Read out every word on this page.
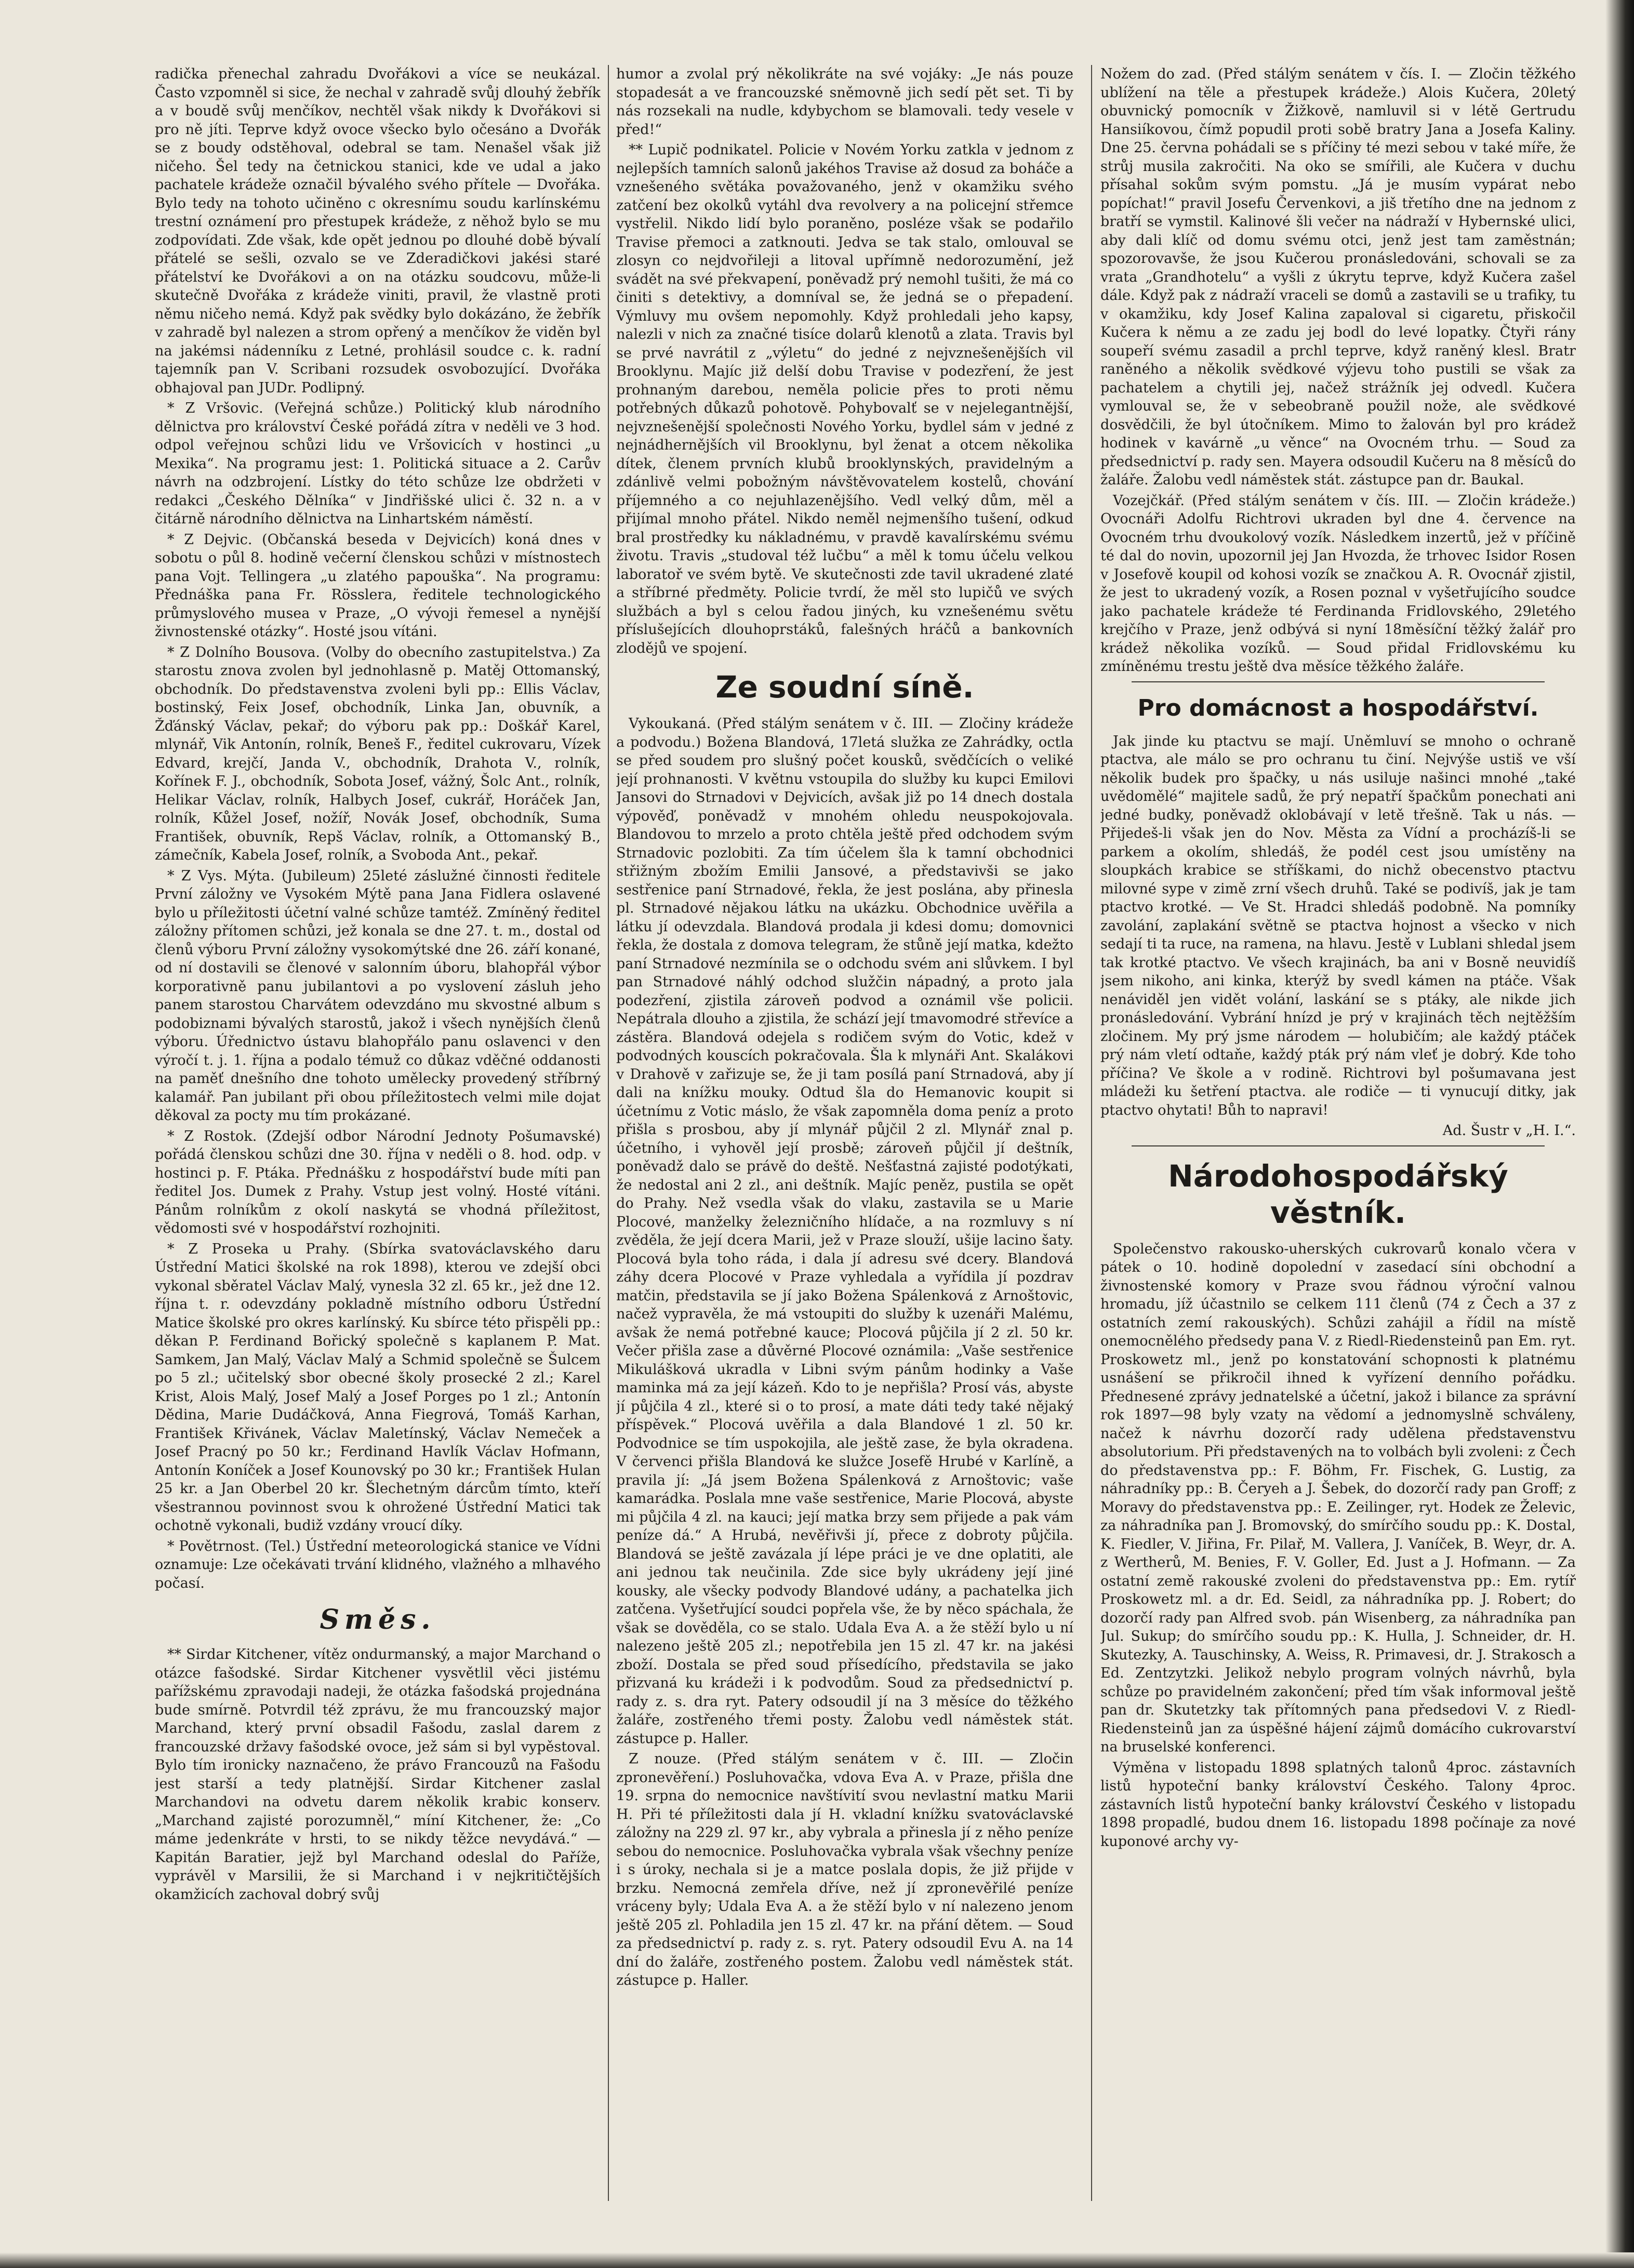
radička přenechal zahradu Dvořákovi a více se neukázal. Často vzpomněl si sice, že nechal v zahradě svůj dlouhý žebřík a v boudě svůj menčíkov, nechtěl však nikdy k Dvořákovi si pro ně jíti. Teprve když ovoce všecko bylo očesáno a Dvořák se z boudy odstěhoval, odebral se tam. Nenašel však již ničeho. Šel tedy na četnickou stanici, kde ve udal a jako pachatele krádeže označil bývalého svého přítele — Dvořáka. Bylo tedy na tohoto učiněno c okresnímu soudu karlínskému trestní oznámení pro přestupek krádeže, z něhož bylo se mu zodpovídati. Zde však, kde opět jednou po dlouhé době bývalí přátelé se sešli, ozvalo se ve Zderadičkovi jakési staré přátelství ke Dvořákovi a on na otázku soudcovu, může-li skutečně Dvořáka z krádeže viniti, pravil, že vlastně proti němu ničeho nemá. Když pak svědky bylo dokázáno, že žebřík v zahradě byl nalezen a strom opřený a menčíkov že viděn byl na jakémsi nádenníku z Letné, prohlásil soudce c. k. radní tajemník pan V. Scribani rozsudek osvobozující. Dvořáka obhajoval pan JUDr. Podlipný.

* Z Vršovic. (Veřejná schůze.) Politický klub národního dělnictva pro království České pořádá zítra v neděli ve 3 hod. odpol veřejnou schůzi lidu ve Vršovicích v hostinci „u Mexika“. Na programu jest: 1. Politická situace a 2. Carův návrh na odzbrojení. Lístky do této schůze lze obdržeti v redakci „Českého Dělníka“ v Jindřišské ulici č. 32 n. a v čitárně národního dělnictva na Linhartském náměstí.

* Z Dejvic. (Občanská beseda v Dejvicích) koná dnes v sobotu o půl 8. hodině večerní členskou schůzi v místnostech pana Vojt. Tellingera „u zlatého papouška“. Na programu: Přednáška pana Fr. Rösslera, ředitele technologického průmyslového musea v Praze, „O vývoji řemesel a nynější živnostenské otázky“. Hosté jsou vítáni.

* Z Dolního Bousova. (Volby do obecního zastupitelstva.) Za starostu znova zvolen byl jednohlasně p. Matěj Ottomanský, obchodník. Do představenstva zvoleni byli pp.: Ellis Václav, bostinský, Feix Josef, obchodník, Linka Jan, obuvník, a Žďánský Václav, pekař; do výboru pak pp.: Doškář Karel, mlynář, Vik Antonín, rolník, Beneš F., ředitel cukrovaru, Vízek Edvard, krejčí, Janda V., obchodník, Drahota V., rolník, Kořínek F. J., obchodník, Sobota Josef, vážný, Šolc Ant., rolník, Helikar Václav, rolník, Halbych Josef, cukrář, Horáček Jan, rolník, Kůžel Josef, nožíř, Novák Josef, obchodník, Suma František, obuvník, Repš Václav, rolník, a Ottomanský B., zámečník, Kabela Josef, rolník, a Svoboda Ant., pekař.

* Z Vys. Mýta. (Jubileum) 25leté záslužné činnosti ředitele První záložny ve Vysokém Mýtě pana Jana Fidlera oslavené bylo u příležitosti účetní valné schůze tamtéž. Zmíněný ředitel záložny přítomen schůzi, jež konala se dne 27. t. m., dostal od členů výboru První záložny vysokomýtské dne 26. září konané, od ní dostavili se členové v salonním úboru, blahopřál výbor korporativně panu jubilantovi a po vyslovení zásluh jeho panem starostou Charvátem odevzdáno mu skvostné album s podobiznami bývalých starostů, jakož i všech nynějších členů výboru. Úřednictvo ústavu blahopřálo panu oslavenci v den výročí t. j. 1. října a podalo témuž co důkaz vděčné oddanosti na paměť dnešního dne tohoto umělecky provedený stříbrný kalamář. Pan jubilant při obou příležitostech velmi mile dojat děkoval za pocty mu tím prokázané.

* Z Rostok. (Zdejší odbor Národní Jednoty Pošumavské) pořádá členskou schůzi dne 30. října v neděli o 8. hod. odp. v hostinci p. F. Ptáka. Přednášku z hospodářství bude míti pan ředitel Jos. Dumek z Prahy. Vstup jest volný. Hosté vítáni. Pánům rolníkům z okolí naskytá se vhodná příležitost, vědomosti své v hospodářství rozhojniti.

* Z Proseka u Prahy. (Sbírka svatováclavského daru Ústřední Matici školské na rok 1898), kterou ve zdejší obci vykonal sběratel Václav Malý, vynesla 32 zl. 65 kr., jež dne 12. října t. r. odevzdány pokladně místního odboru Ústřední Matice školské pro okres karlínský. Ku sbírce této přispěli pp.: děkan P. Ferdinand Bořický společně s kaplanem P. Mat. Samkem, Jan Malý, Václav Malý a Schmid společně se Šulcem po 5 zl.; učitelský sbor obecné školy prosecké 2 zl.; Karel Krist, Alois Malý, Josef Malý a Josef Porges po 1 zl.; Antonín Dědina, Marie Dudáčková, Anna Fiegrová, Tomáš Karhan, František Křivánek, Václav Maletínský, Václav Nemeček a Josef Pracný po 50 kr.; Ferdinand Havlík Václav Hofmann, Antonín Koníček a Josef Kounovský po 30 kr.; František Hulan 25 kr. a Jan Oberbel 20 kr. Šlechetným dárcům tímto, kteří všestrannou povinnost svou k ohrožené Ústřední Matici tak ochotně vykonali, budiž vzdány vroucí díky.

* Povětrnost. (Tel.) Ústřední meteorologická stanice ve Vídni oznamuje: Lze očekávati trvání klidného, vlažného a mlhavého počasí.

Směs.

** Sirdar Kitchener, vítěz ondurmanský, a major Marchand o otázce fašodské. Sirdar Kitchener vysvětlil věci jistému pařížskému zpravodaji nadeji, že otázka fašodská projednána bude smírně. Potvrdil též zprávu, že mu francouzský major Marchand, který první obsadil Fašodu, zaslal darem z francouzské državy fašodské ovoce, jež sám si byl vypěstoval. Bylo tím ironicky naznačeno, že právo Francouzů na Fašodu jest starší a tedy platnější. Sirdar Kitchener zaslal Marchandovi na odvetu darem několik krabic konserv. „Marchand zajisté porozumněl,“ míní Kitchener, že: „Co máme jedenkráte v hrsti, to se nikdy těžce nevydává.“ — Kapitán Baratier, jejž byl Marchand odeslal do Paříže, vyprávěl v Marsilii, že si Marchand i v nejkritičtějších okamžicích zachoval dobrý svůj

humor a zvolal prý několikráte na své vojáky: „Je nás pouze stopadesát a ve francouzské sněmovně jich sedí pět set. Ti by nás rozsekali na nudle, kdybychom se blamovali. tedy vesele v před!“

** Lupič podnikatel. Policie v Novém Yorku zatkla v jednom z nejlepších tamních salonů jakéhos Travise až dosud za boháče a vznešeného světáka považovaného, jenž v okamžiku svého zatčení bez okolků vytáhl dva revolvery a na policejní střemce vystřelil. Nikdo lidí bylo poraněno, posléze však se podařilo Travise přemoci a zatknouti. Jedva se tak stalo, omlouval se zlosyn co nejdvořileji a litoval upřímně nedorozumění, jež svádět na své překvapení, poněvadž prý nemohl tušiti, že má co činiti s detektivy, a domníval se, že jedná se o přepadení. Výmluvy mu ovšem nepomohly. Když prohledali jeho kapsy, nalezli v nich za značné tisíce dolarů klenotů a zlata. Travis byl se prvé navrátil z „výletu“ do jedné z nejvznešenějších vil Brooklynu. Majíc již delší dobu Travise v podezření, že jest prohnaným darebou, neměla policie přes to proti němu potřebných důkazů pohotově. Pohybovalť se v nejelegantnější, nejvznešenější společnosti Nového Yorku, bydlel sám v jedné z nejnádhernějších vil Brooklynu, byl ženat a otcem několika dítek, členem prvních klubů brooklynských, pravidelným a zdánlivě velmi pobožným návštěvovatelem kostelů, chování příjemného a co nejuhlazenějšího. Vedl velký dům, měl a přijímal mnoho přátel. Nikdo neměl nejmenšího tušení, odkud bral prostředky ku nákladnému, v pravdě kavalírskému svému životu. Travis „studoval též lučbu“ a měl k tomu účelu velkou laboratoř ve svém bytě. Ve skutečnosti zde tavil ukradené zlaté a stříbrné předměty. Policie tvrdí, že měl sto lupičů ve svých službách a byl s celou řadou jiných, ku vznešenému světu příslušejících dlouhoprstáků, falešných hráčů a bankovních zlodějů ve spojení.

Ze soudní síně.

Vykoukaná. (Před stálým senátem v č. III. — Zločiny krádeže a podvodu.) Božena Blandová, 17letá služka ze Zahrádky, octla se před soudem pro slušný počet kousků, svědčících o veliké její prohnanosti. V květnu vstoupila do služby ku kupci Emilovi Jansovi do Strnadovi v Dejvicích, avšak již po 14 dnech dostala výpověď, poněvadž v mnohém ohledu neuspokojovala. Blandovou to mrzelo a proto chtěla ještě před odchodem svým Strnadovic pozlobiti. Za tím účelem šla k tamní obchodnici střižným zbožím Emilii Jansové, a představivši se jako sestřenice paní Strnadové, řekla, že jest poslána, aby přinesla pl. Strnadové nějakou látku na ukázku. Obchodnice uvěřila a látku jí odevzdala. Blandová prodala ji kdesi domu; domovnici řekla, že dostala z domova telegram, že stůně její matka, kdežto paní Strnadové nezmínila se o odchodu svém ani slůvkem. I byl pan Strnadové náhlý odchod služčin nápadný, a proto jala podezření, zjistila zároveň podvod a oznámil vše policii. Nepátrala dlouho a zjistila, že schází její tmavomodré střevíce a zástěra. Blandová odejela s rodičem svým do Votic, kdež v podvodných kouscích pokračovala. Šla k mlynáři Ant. Skalákovi v Drahově v zařizuje se, že ji tam posílá paní Strnadová, aby jí dali na knížku mouky. Odtud šla do Hemanovic koupit si účetnímu z Votic máslo, že však zapomněla doma peníz a proto přišla s prosbou, aby jí mlynář půjčil 2 zl. Mlynář znal p. účetního, i vyhověl její prosbě; zároveň půjčil jí deštník, poněvadž dalo se právě do deště. Nešťastná zajisté podotýkati, že nedostal ani 2 zl., ani deštník. Majíc peněz, pustila se opět do Prahy. Než vsedla však do vlaku, zastavila se u Marie Plocové, manželky železničního hlídače, a na rozmluvy s ní zvěděla, že její dcera Marii, jež v Praze slouží, ušije lacino šaty. Plocová byla toho ráda, i dala jí adresu své dcery. Blandová záhy dcera Plocové v Praze vyhledala a vyřídila jí pozdrav matčin, představila se jí jako Božena Spálenková z Arnoštovic, načež vypravěla, že má vstoupiti do služby k uzenáři Malému, avšak že nemá potřebné kauce; Plocová půjčila jí 2 zl. 50 kr. Večer přišla zase a důvěrné Plocové oznámila: „Vaše sestřenice Mikulášková ukradla v Libni svým pánům hodinky a Vaše maminka má za její kázeň. Kdo to je nepřišla? Prosí vás, abyste jí půjčila 4 zl., které si o to prosí, a mate dáti tedy také nějaký příspěvek.“ Plocová uvěřila a dala Blandové 1 zl. 50 kr. Podvodnice se tím uspokojila, ale ještě zase, že byla okradena. V červenci přišla Blandová ke služce Josefě Hrubé v Karlíně, a pravila jí: „Já jsem Božena Spálenková z Arnoštovic; vaše kamarádka. Poslala mne vaše sestřenice, Marie Plocová, abyste mi půjčila 4 zl. na kauci; její matka brzy sem přijede a pak vám peníze dá.“ A Hrubá, nevěřivši jí, přece z dobroty půjčila. Blandová se ještě zavázala jí lépe práci je ve dne oplatiti, ale ani jednou tak neučinila. Zde sice byly ukrádeny její jiné kousky, ale všecky podvody Blandové udány, a pachatelka jich zatčena. Vyšetřující soudci popřela vše, že by něco spáchala, že však se dověděla, co se stalo. Udala Eva A. a že stěží bylo u ní nalezeno ještě 205 zl.; nepotřebila jen 15 zl. 47 kr. na jakési zboží. Dostala se před soud přísedícího, představila se jako přizvaná ku krádeži i k podvodům. Soud za předsednictví p. rady z. s. dra ryt. Patery odsoudil jí na 3 měsíce do těžkého žaláře, zostřeného třemi posty. Žalobu vedl náměstek stát. zástupce p. Haller.

Z nouze. (Před stálým senátem v č. III. — Zločin zpronevěření.) Posluhovačka, vdova Eva A. v Praze, přišla dne 19. srpna do nemocnice navštívití svou nevlastní matku Marii H. Při té příležitosti dala jí H. vkladní knížku svatováclavské záložny na 229 zl. 97 kr., aby vybrala a přinesla jí z něho peníze sebou do nemocnice. Posluhovačka vybrala však všechny peníze i s úroky, nechala si je a matce poslala dopis, že již přijde v brzku. Nemocná zemřela dříve, než jí zpronevěřilé peníze vráceny byly; Udala Eva A. a že stěží bylo v ní nalezeno jenom ještě 205 zl. Pohladila jen 15 zl. 47 kr. na přání dětem. — Soud za předsednictví p. rady z. s. ryt. Patery odsoudil Evu A. na 14 dní do žaláře, zostřeného postem. Žalobu vedl náměstek stát. zástupce p. Haller.

Nožem do zad. (Před stálým senátem v čís. I. — Zločin těžkého ublížení na těle a přestupek krádeže.) Alois Kučera, 20letý obuvnický pomocník v Žižkově, namluvil si v létě Gertrudu Hansiíkovou, čímž popudil proti sobě bratry Jana a Josefa Kaliny. Dne 25. června pohádali se s příčiny té mezi sebou v také míře, že strůj musila zakročiti. Na oko se smířili, ale Kučera v duchu přísahal sokům svým pomstu. „Já je musím vypárat nebo popíchat!“ pravil Josefu Červenkovi, a jiš třetího dne na jednom z bratří se vymstil. Kalinové šli večer na nádraží v Hybernské ulici, aby dali klíč od domu svému otci, jenž jest tam zaměstnán; spozorovavše, že jsou Kučerou pronásledováni, schovali se za vrata „Grandhotelu“ a vyšli z úkrytu teprve, když Kučera zašel dále. Když pak z nádraží vraceli se domů a zastavili se u trafiky, tu v okamžiku, kdy Josef Kalina zapaloval si cigaretu, přiskočil Kučera k němu a ze zadu jej bodl do levé lopatky. Čtyři rány soupeří svému zasadil a prchl teprve, když raněný klesl. Bratr raněného a několik svědkové výjevu toho pustili se však za pachatelem a chytili jej, načež strážník jej odvedl. Kučera vymlouval se, že v sebeobraně použil nože, ale svědkové dosvědčili, že byl útočníkem. Mimo to žalován byl pro krádež hodinek v kavárně „u věnce“ na Ovocném trhu. — Soud za předsednictví p. rady sen. Mayera odsoudil Kučeru na 8 měsíců do žaláře. Žalobu vedl náměstek stát. zástupce pan dr. Baukal.

Vozejčkář. (Před stálým senátem v čís. III. — Zločin krádeže.) Ovocnáři Adolfu Richtrovi ukraden byl dne 4. července na Ovocném trhu dvoukolový vozík. Následkem inzertů, jež v příčině té dal do novin, upozornil jej Jan Hvozda, že trhovec Isidor Rosen v Josefově koupil od kohosi vozík se značkou A. R. Ovocnář zjistil, že jest to ukradený vozík, a Rosen poznal v vyšetřujícího soudce jako pachatele krádeže té Ferdinanda Fridlovského, 29letého krejčího v Praze, jenž odbývá si nyní 18měsíční těžký žalář pro krádež několika vozíků. — Soud přidal Fridlovskému ku zmíněnému trestu ještě dva měsíce těžkého žaláře.

Pro domácnost a hospodářství.

Jak jinde ku ptactvu se mají. Uněmluví se mnoho o ochraně ptactva, ale málo se pro ochranu tu činí. Nejvýše ustiš ve vší několik budek pro špačky, u nás usiluje našinci mnohé „také uvědomělé“ majitele sadů, že prý nepatří špačkům ponechati ani jedné budky, poněvadž oklobávají v letě třešně. Tak u nás. — Přijedeš-li však jen do Nov. Města za Vídní a procházíš-li se parkem a okolím, shledáš, že podél cest jsou umístěny na sloupkách krabice se stříškami, do nichž obecenstvo ptactvu milovné sype v zimě zrní všech druhů. Také se podivíš, jak je tam ptactvo krotké. — Ve St. Hradci shledáš podobně. Na pomníky zavolání, zaplakání světně se ptactva hojnost a všecko v nich sedají ti ta ruce, na ramena, na hlavu. Jestě v Lublani shledal jsem tak krotké ptactvo. Ve všech krajinách, ba ani v Bosně neuvidíš jsem nikoho, ani kinka, kterýž by svedl kámen na ptáče. Však nenáviděl jen vidět volání, laskání se s ptáky, ale nikde jich pronásledování. Vybrání hnízd je prý v krajinách těch nejtěžším zločinem. My prý jsme národem — holubičím; ale každý ptáček prý nám vletí odtaňe, každý pták prý nám vleť je dobrý. Kde toho příčina? Ve škole a v rodině. Richtrovi byl pošumavana jest mládeži ku šetření ptactva. ale rodiče — ti vynucují ditky, jak ptactvo ohytati! Bůh to napravi!

Ad. Šustr v „H. I.“.

Národohospodářský věstník.

Společenstvo rakousko-uherských cukrovarů konalo včera v pátek o 10. hodině dopolední v zasedací síni obchodní a živnostenské komory v Praze svou řádnou výroční valnou hromadu, jíž účastnilo se celkem 111 členů (74 z Čech a 37 z ostatních zemí rakouských). Schůzi zahájil a řídil na místě onemocnělého předsedy pana V. z Riedl-Riedensteinů pan Em. ryt. Proskowetz ml., jenž po konstatování schopnosti k platnému usnášení se přikročil ihned k vyřízení denního pořádku. Přednesené zprávy jednatelské a účetní, jakož i bilance za správní rok 1897—98 byly vzaty na vědomí a jednomyslně schváleny, načež k návrhu dozorčí rady udělena představenstvu absolutorium. Při představených na to volbách byli zvoleni: z Čech do představenstva pp.: F. Böhm, Fr. Fischek, G. Lustig, za náhradníky pp.: B. Čeryeh a J. Šebek, do dozorčí rady pan Groff; z Moravy do představenstva pp.: E. Zeilinger, ryt. Hodek ze Želevic, za náhradníka pan J. Bromovský, do smírčího soudu pp.: K. Dostal, K. Fiedler, V. Jiřina, Fr. Pilař, M. Vallera, J. Vaníček, B. Weyr, dr. A. z Wertherů, M. Benies, F. V. Goller, Ed. Just a J. Hofmann. — Za ostatní země rakouské zvoleni do představenstva pp.: Em. rytíř Proskowetz ml. a dr. Ed. Seidl, za náhradníka pp. J. Robert; do dozorčí rady pan Alfred svob. pán Wisenberg, za náhradníka pan Jul. Sukup; do smírčího soudu pp.: K. Hulla, J. Schneider, dr. H. Skutezky, A. Tauschinsky, A. Weiss, R. Primavesi, dr. J. Strakosch a Ed. Zentzytzki. Jelikož nebylo program volných návrhů, byla schůze po pravidelném zakončení; před tím však informoval ještě pan dr. Skutetzky tak přítomných pana předsedovi V. z Riedl-Riedensteinů jan za úspěšné hájení zájmů domácího cukrovarství na bruselské konferenci.

Výměna v listopadu 1898 splatných talonů 4proc. zástavních listů hypoteční banky království Českého. Talony 4proc. zástavních listů hypoteční banky království Českého v listopadu 1898 propadlé, budou dnem 16. listopadu 1898 počínaje za nové kuponové archy vy-
